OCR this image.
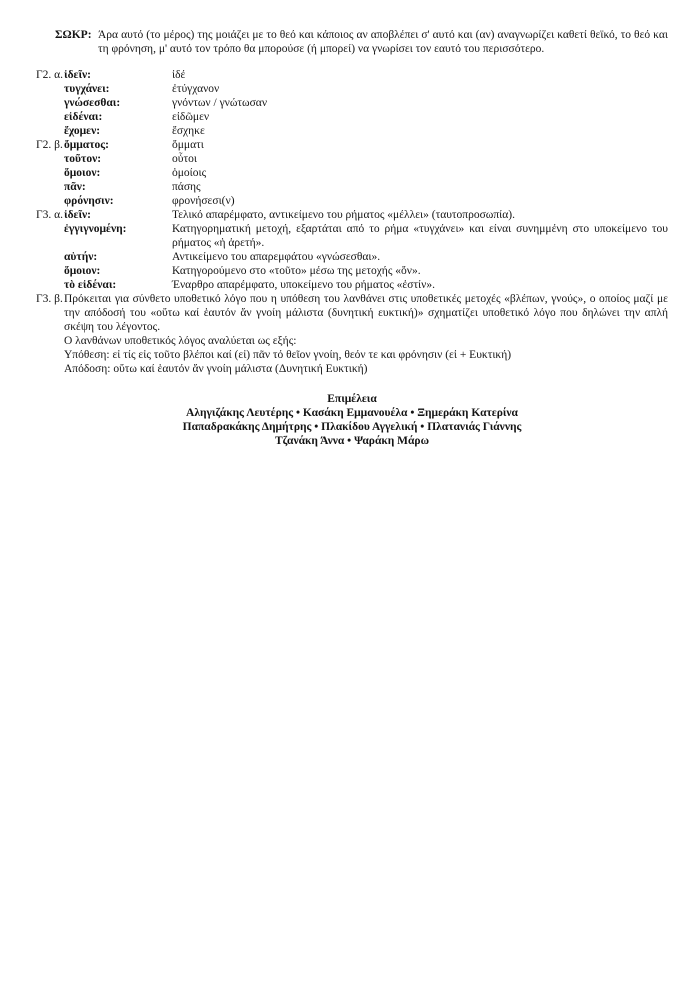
ΣΩΚΡ: Άρα αυτό (το μέρος) της μοιάζει με το θεό και κάποιος αν αποβλέπει σ' αυτό και (αν) αναγνωρίζει καθετί θεϊκό, το θεό και τη φρόνηση, μ' αυτό τον τρόπο θα μπορούσε (ή μπορεί) να γνωρίσει τον εαυτό του περισσότερο.
Γ2. α. ἰδεῖν:	ἰδέ
τυγχάνει:	ἐτύγχανον
γνώσεσθαι:	γνόντων / γνώτωσαν
εἰδέναι:	εἰδῶμεν
ἔχομεν:	ἔσχηκε
Γ2. β. ὄμματος:	ὄμματι
τοῦτον:	οὗτοι
ὅμοιον:	ὁμοίοις
πᾶν:	πάσης
φρόνησιν:	φρονήσεσι(ν)
Γ3. α. ἰδεῖν:	Τελικό απαρέμφατο, αντικείμενο του ρήματος «μέλλει» (ταυτοπροσωπία).
ἐγγιγνομένη:	Κατηγορηματική μετοχή, εξαρτάται από το ρήμα «τυγχάνει» και είναι συνημμένη στο υποκείμενο του ρήματος «ἡ ἀρετή».
αὑτήν:	Αντικείμενο του απαρεμφάτου «γνώσεσθαι».
ὅμοιον:	Κατηγορούμενο στο «τοῦτο» μέσω της μετοχής «ὄν».
τὸ εἰδέναι:	Έναρθρο απαρέμφατο, υποκείμενο του ρήματος «ἐστίν».
Γ3. β. Πρόκειται για σύνθετο υποθετικό λόγο που η υπόθεση του λανθάνει στις υποθετικές μετοχές «βλέπων, γνούς», ο οποίος μαζί με την απόδοσή του «οὕτω καί ἑαυτόν ἄν γνοίη μάλιστα (δυνητική ευκτική)» σχηματίζει υποθετικό λόγο που δηλώνει την απλή σκέψη του λέγοντος.
Ο λανθάνων υποθετικός λόγος αναλύεται ως εξής:
Υπόθεση: εἰ τίς εἰς τοῦτο βλέποι καί (εἰ) πᾶν τό θεῖον γνοίη, θεόν τε και φρόνησιν (εἰ + Ευκτική)
Απόδοση: οὕτω καί ἑαυτόν ἄν γνοίη μάλιστα (Δυνητική Ευκτική)
Επιμέλεια
Αληγιζάκης Λευτέρης • Κασάκη Εμμανουέλα • Ξημεράκη Κατερίνα
Παπαδρακάκης Δημήτρης • Πλακίδου Αγγελική • Πλατανιάς Γιάννης
Τζανάκη Άννα • Ψαράκη Μάρω
